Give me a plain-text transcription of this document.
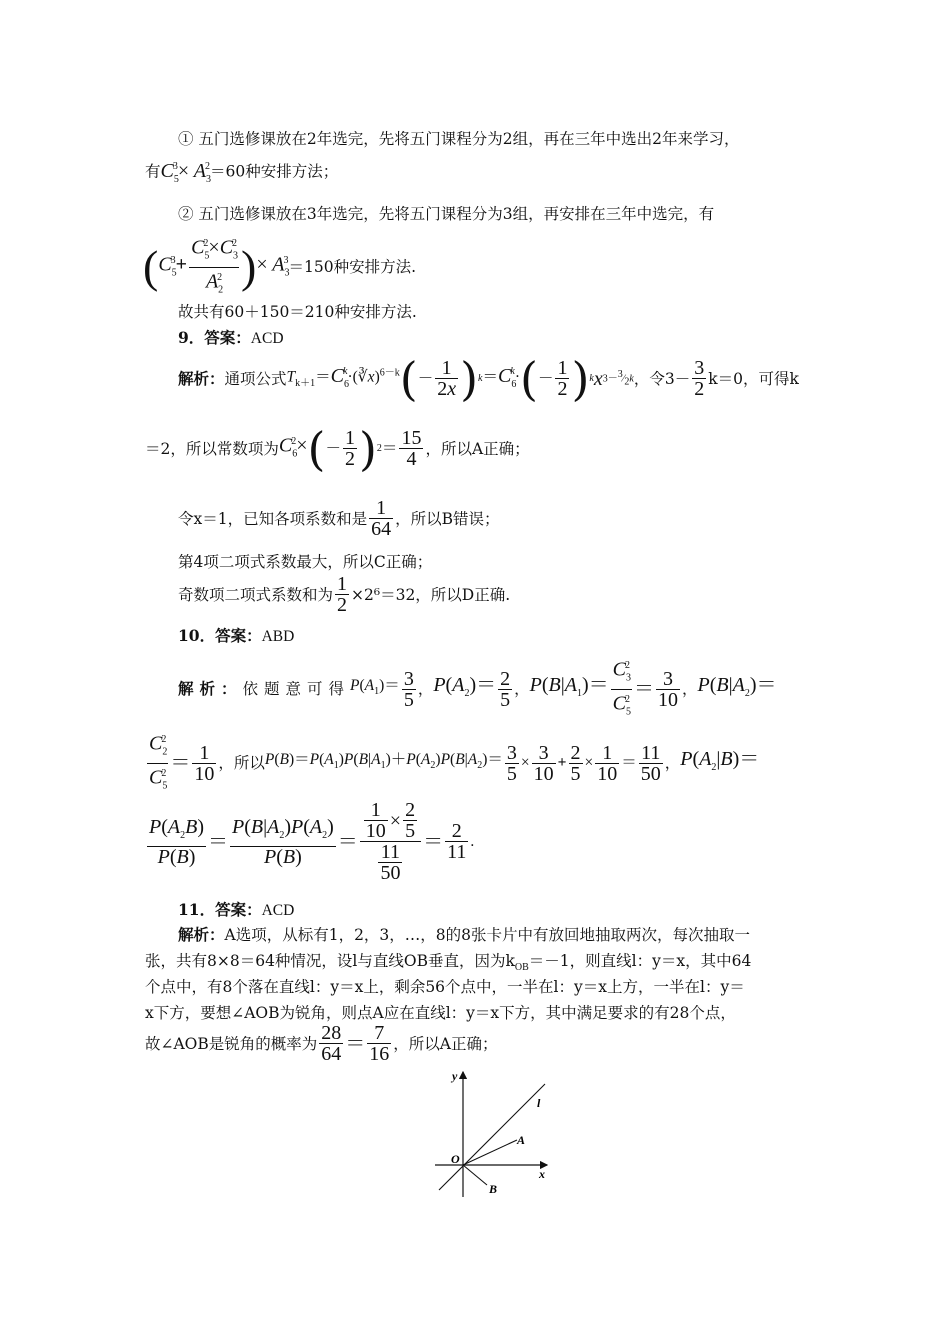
① 五门选修课放在2年选完，先将五门课程分为2组，再在三年中选出2年来学习，
有$C_5^3\times A_3^2=60$种安排方法；
② 五门选修课放在3年选完，先将五门课程分为3组，再安排在三年中选完，有
( $C_5^3+ \frac{C_5^2\times C_3^2}{A_2^2}$ ) × $A_3^3 =150$种安排方法.
故共有60＋150＝210种安排方法.
9．答案：ACD
解析： 通项公式 $T_{k+1}=C_6^k\cdot(∛x)^{6-k}$ ( － $\frac{1}{2x}$ ) $k =C_6^k\cdot$ ( － $\frac{1}{2}$ ) k x $3-^3⁄_2k$ ，令$3- \frac{3}{2} k=0$，可得k
＝2，所以常数项为 $C_6^2\times$ ( － $\frac{1}{2}$ ) $2 = \frac{15}{4}$ ，所以A正确；
令x＝1，已知各项系数和是 $\frac{1}{64}$ ，所以B错误；
第4项二项式系数最大，所以C正确；
奇数项二项式系数和为 $\frac{1}{2} \times 2^6=32$，所以D正确.
10．答案：ABD
解析： 依题意可得 $P(A_1)= \frac{3}{5}$ ， $P(A_2)= \frac{2}{5}$ ， $P(B|A_1)= \frac{C_3^2}{C_5^2} = \frac{3}{10}$ ， $P(B|A_2)=$
$\frac{C_2^2}{C_5^2} = \frac{1}{10}$ ，所以 $P(B)=P(A_1)P(B|A_1)+P(A_2)P(B|A_2)= \frac{3}{5} \times \frac{3}{10} + \frac{2}{5} \times \frac{1}{10} = \frac{11}{50}$ ， $P(A_2|B)=$
$\frac{P(A_2B)}{P(B)} = \frac{P(B|A_2)P(A_2)}{P(B)} = \frac{\frac{1}{10} \times \frac{2}{5}}{\frac{11}{50}} = \frac{2}{11}$ .
11．答案：ACD
解析：A选项，从标有1，2，3，…，8的8张卡片中有放回地抽取两次，每次抽取一
张，共有8×8＝64种情况，设l与直线OB垂直，因为$k_{OB}=-1$，则直线l：y＝x，其中64
个点中，有8个落在直线l：y＝x上，剩余56个点中，一半在l：y＝x上方，一半在l：y＝
x下方，要想∠AOB为锐角，则点A应在直线l：y＝x下方，其中满足要求的有28个点，
故∠AOB是锐角的概率为 $\frac{28}{64} = \frac{7}{16}$ ，所以A正确；
y
x
O
l
A
B
